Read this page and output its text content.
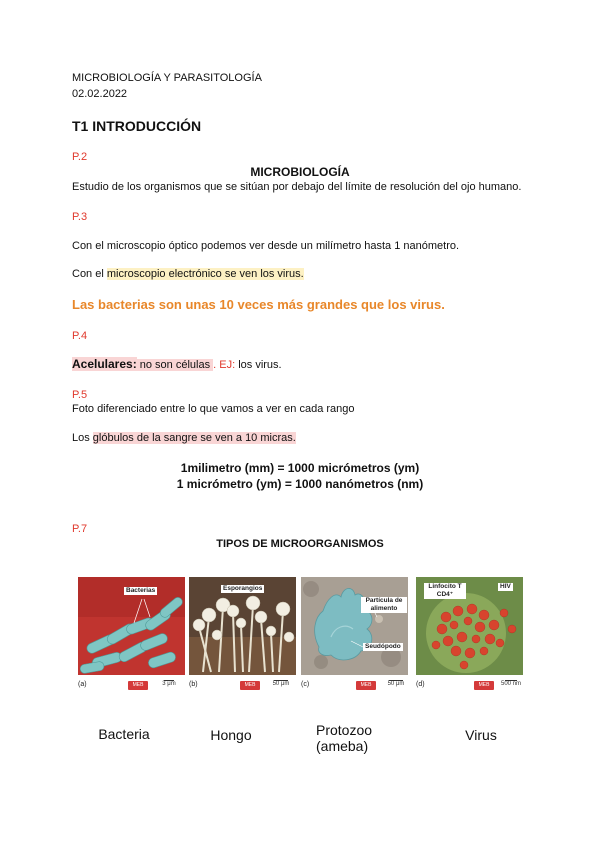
MICROBIOLOGÍA Y PARASITOLOGÍA
02.02.2022
T1 INTRODUCCIÓN
P.2
MICROBIOLOGÍA
Estudio de los organismos que se sitúan por debajo del límite de resolución del ojo humano.
P.3
Con el microscopio óptico podemos ver desde un milímetro hasta 1 nanómetro.
Con el microscopio electrónico se ven los virus.
Las bacterias son unas 10 veces más grandes que los virus.
P.4
Acelulares: no son células . EJ: los virus.
P.5
Foto diferenciado entre lo que vamos a ver en cada rango
Los glóbulos de la sangre se ven a 10 micras.
1milimetro (mm) = 1000 micrómetros (ym)
1 micrómetro (ym) = 1000 nanómetros (nm)
P.7
TIPOS DE MICROORGANISMOS
Bacterias
(a)	MEB	3 μm
Esporangios
(b)	MEB	50 μm
Partícula de alimento
Seudópodo
(c)	MEB	50 μm
Linfocito T CD4⁺
HIV
(d)	MEB	500 nm
Bacteria	Hongo	Protozoo (ameba)
Virus
